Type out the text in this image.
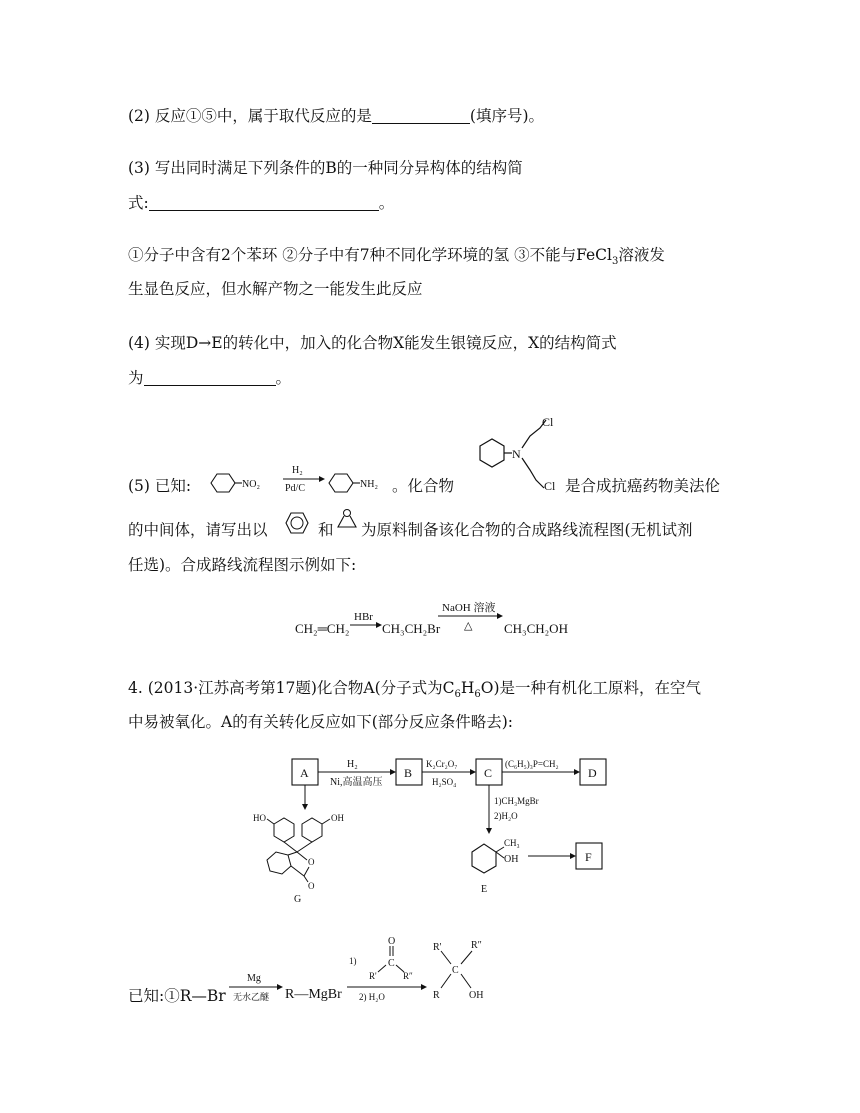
(2) 反应①⑤中，属于取代反应的是	(填序号)。
(3) 写出同时满足下列条件的B的一种同分异构体的结构简
式:	。
①分子中含有2个苯环 ②分子中有7种不同化学环境的氢 ③不能与FeCl$_3$溶液发
生显色反应，但水解产物之一能发生此反应
(4) 实现D→E的转化中，加入的化合物X能发生银镜反应，X的结构简式
为	。
N
Cl
Cl
(5) 已知:	NO₂
H₂
Pd/C	NH₂ 。化合物	是合成抗癌药物美法伦
的中间体，请写出以	和 为原料制备该化合物的合成路线流程图(无机试剂
任选)。合成路线流程图示例如下:
CH₂═CH₂
HBr
CH₃CH₂Br
NaOH 溶液
△ CH₃CH₂OH
4. (2013·江苏高考第17题)化合物A(分子式为$C_6H_6O$)是一种有机化工原料，在空气
中易被氧化。A的有关转化反应如下(部分反应条件略去):
A	B	C	D
H₂
Ni,高温高压
K₂Cr₂O₇
H₂SO₄
(C₆H₅)₃P=CH₂
1)CH₃MgBr
2)H₂O
CH₃
OH
E
F
HO	OH
O
O
G
已知:①R—Br
Mg
无水乙醚 R—MgBr
1)
O
C
R'	R″
2) H₂O
R'	R″
C
R	OH
